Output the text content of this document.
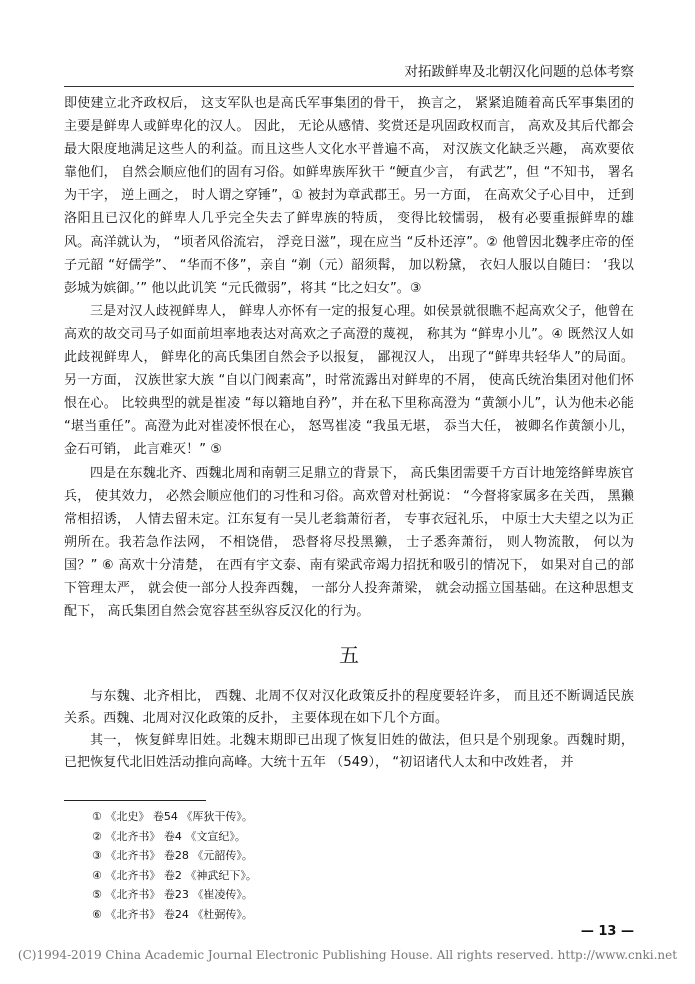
对拓跋鲜卑及北朝汉化问题的总体考察

即使建立北齐政权后， 这支军队也是高氏军事集团的骨干， 换言之， 紧紧追随着高氏军事集团的主要是鲜卑人或鲜卑化的汉人。 因此， 无论从感情、奖赏还是巩固政权而言， 高欢及其后代都会最大限度地满足这些人的利益。而且这些人文化水平普遍不高， 对汉族文化缺乏兴趣， 高欢要依靠他们， 自然会顺应他们的固有习俗。如鲜卑族厍狄干 “鲠直少言， 有武艺”，但 “不知书， 署名为干字， 逆上画之， 时人谓之穿锤”，① 被封为章武郡王。另一方面， 在高欢父子心目中， 迁到洛阳且已汉化的鲜卑人几乎完全失去了鲜卑族的特质， 变得比较懦弱， 极有必要重振鲜卑的雄风。高洋就认为， “顷者风俗流宕， 浮竞日滋”，现在应当 “反朴还淳”。② 他曾因北魏孝庄帝的侄子元韶 “好儒学”、 “华而不侈”，亲自 “剃（元）韶须髯， 加以粉黛， 衣妇人服以自随曰： ‘我以彭城为嫔御。’” 他以此讥笑 “元氏微弱”，将其 “比之妇女”。③

三是对汉人歧视鲜卑人， 鲜卑人亦怀有一定的报复心理。如侯景就很瞧不起高欢父子，他曾在高欢的故交司马子如面前坦率地表达对高欢之子高澄的蔑视， 称其为 “鲜卑小儿”。④ 既然汉人如此歧视鲜卑人， 鲜卑化的高氏集团自然会予以报复， 鄙视汉人， 出现了“鲜卑共轻华人”的局面。另一方面， 汉族世家大族 “自以门阀素高”，时常流露出对鲜卑的不屑， 使高氏统治集团对他们怀恨在心。 比较典型的就是崔凌 “每以籍地自矜”，并在私下里称高澄为 “黄颔小儿”，认为他未必能 “堪当重任”。高澄为此对崔凌怀恨在心， 怒骂崔凌 “我虽无堪， 忝当大任， 被卿名作黄颔小儿， 金石可销， 此言难灭！” ⑤

四是在东魏北齐、西魏北周和南朝三足鼎立的背景下， 高氏集团需要千方百计地笼络鲜卑族官兵， 使其效力， 必然会顺应他们的习性和习俗。高欢曾对杜弼说： “今督将家属多在关西， 黑獭常相招诱， 人情去留未定。江东复有一吴儿老翁萧衍者， 专事衣冠礼乐， 中原士大夫望之以为正朔所在。我若急作法网， 不相饶借， 恐督将尽投黑獭， 士子悉奔萧衍， 则人物流散， 何以为国？” ⑥ 高欢十分清楚， 在西有宇文泰、南有梁武帝竭力招抚和吸引的情况下， 如果对自己的部下管理太严， 就会使一部分人投奔西魏， 一部分人投奔萧梁， 就会动摇立国基础。在这种思想支配下， 高氏集团自然会宽容甚至纵容反汉化的行为。

五

与东魏、北齐相比， 西魏、北周不仅对汉化政策反扑的程度要轻许多， 而且还不断调适民族关系。西魏、北周对汉化政策的反扑， 主要体现在如下几个方面。

其一， 恢复鲜卑旧姓。北魏末期即已出现了恢复旧姓的做法，但只是个别现象。西魏时期， 已把恢复代北旧姓活动推向高峰。大统十五年 （549）， “初诏诸代人太和中改姓者， 并

① 《北史》 卷54 《厍狄干传》。
② 《北齐书》 卷4 《文宣纪》。
③ 《北齐书》 卷28 《元韶传》。
④ 《北齐书》 卷2 《神武纪下》。
⑤ 《北齐书》 卷23 《崔凌传》。
⑥ 《北齐书》 卷24 《杜弼传》。
— 13 —
(C)1994-2019 China Academic Journal Electronic Publishing House. All rights reserved. http://www.cnki.net
